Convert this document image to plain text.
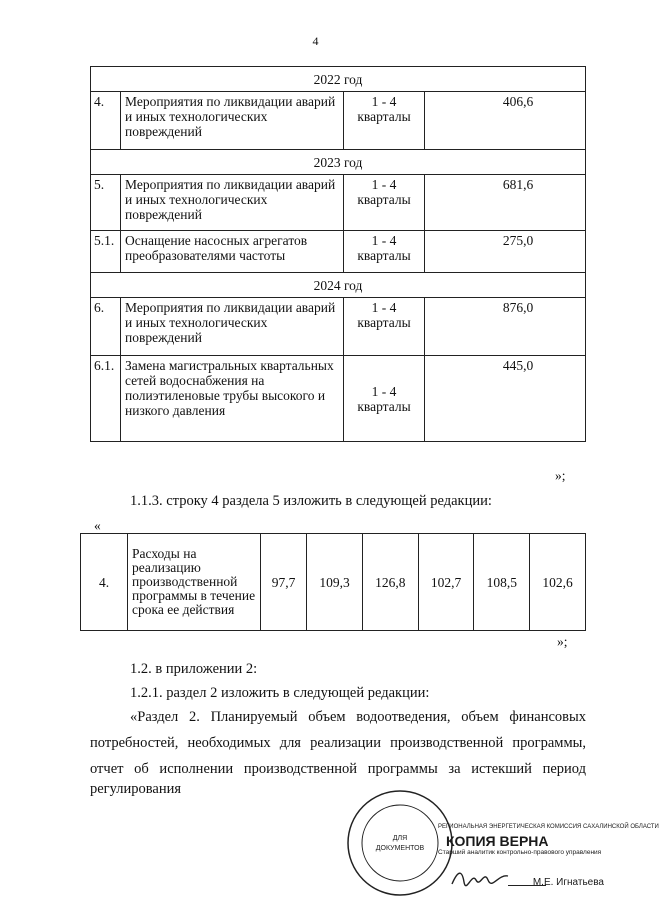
4
2022 год			
4.	Мероприятия по ликвидации аварий и иных технологических повреждений	1 - 4 кварталы	406,6
2023 год			
5.	Мероприятия по ликвидации аварий и иных технологических повреждений	1 - 4 кварталы	681,6
5.1.	Оснащение насосных агрегатов преобразователями частоты	1 - 4 кварталы	275,0
2024 год			
6.	Мероприятия по ликвидации аварий и иных технологических повреждений	1 - 4 кварталы	876,0
6.1.	Замена магистральных квартальных сетей водоснабжения на полиэтиленовые трубы высокого и низкого давления	1 - 4 кварталы	445,0
»;
1.1.3. строку 4 раздела 5 изложить в следующей редакции:
«
4.	Расходы на реализацию производственной программы в течение срока ее действия	97,7	109,3	126,8	102,7	108,5	102,6
»;
1.2. в приложении 2:
1.2.1. раздел 2 изложить в следующей редакции:
«Раздел 2. Планируемый объем водоотведения, объем финансовых
потребностей, необходимых для реализации производственной программы,
отчет об исполнении производственной программы за истекший период
регулирования
ДЛЯ
ДОКУМЕНТОВ
РЕГИОНАЛЬНАЯ ЭНЕРГЕТИЧЕСКАЯ КОМИССИЯ САХАЛИНСКОЙ ОБЛАСТИ
КОПИЯ ВЕРНА
Старший аналитик контрольно-правового управления
М.Е. Игнатьева
